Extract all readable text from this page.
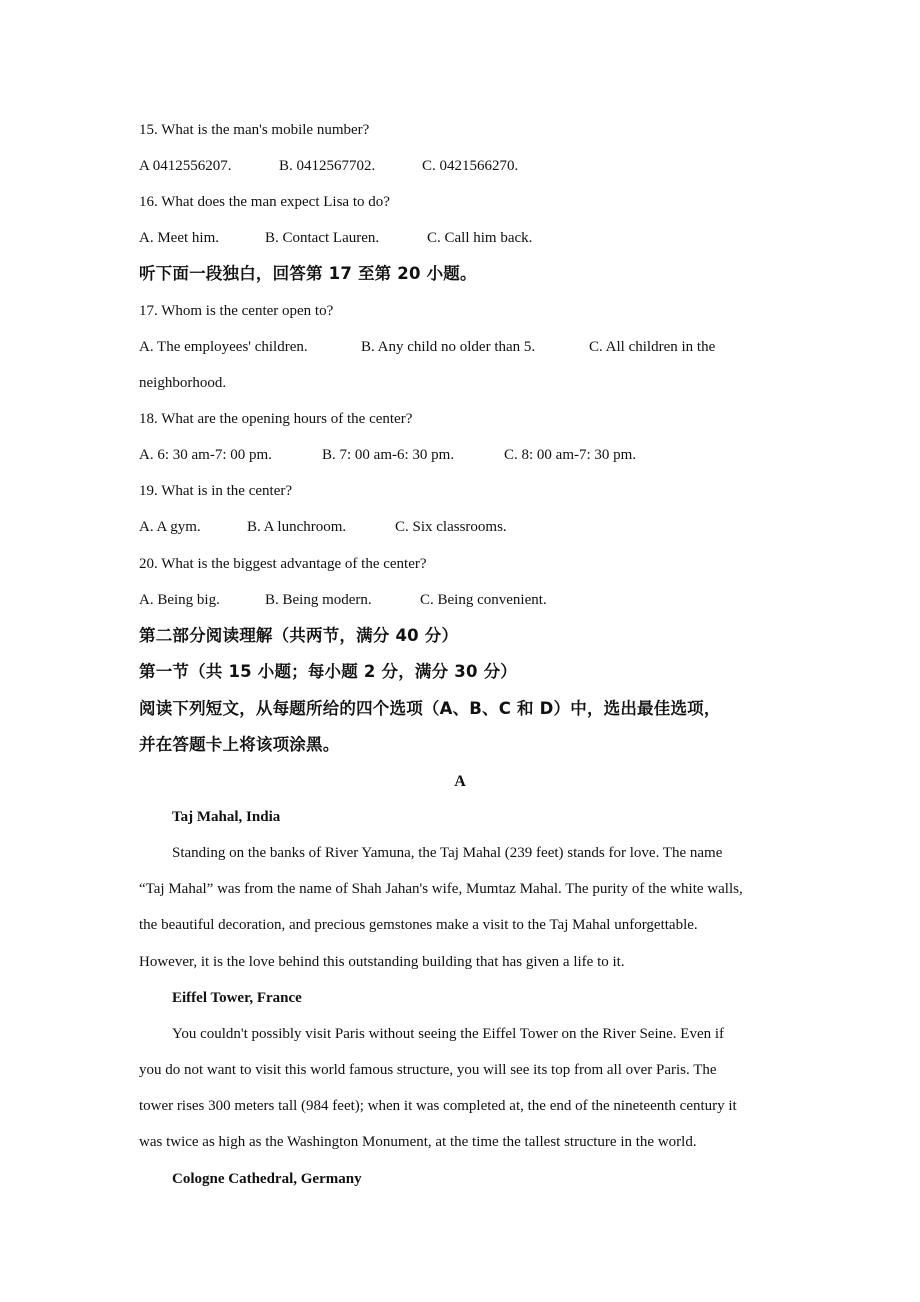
15. What is the man's mobile number?
A 0412556207.	B. 0412567702.	C. 0421566270.
16. What does the man expect Lisa to do?
A. Meet him.	B. Contact Lauren.	C. Call him back.
听下面一段独白，回答第 17 至第 20 小题。
17. Whom is the center open to?
A. The employees' children.	B. Any child no older than 5.	C. All children in the
neighborhood.
18. What are the opening hours of the center?
A. 6: 30 am-7: 00 pm.	B. 7: 00 am-6: 30 pm.	C. 8: 00 am-7: 30 pm.
19. What is in the center?
A. A gym.	B. A lunchroom.	C. Six classrooms.
20. What is the biggest advantage of the center?
A. Being big.	B. Being modern.	C. Being convenient.
第二部分阅读理解（共两节，满分 40 分）
第一节（共 15 小题；每小题 2 分，满分 30 分）
阅读下列短文，从每题所给的四个选项（A、B、C 和 D）中，选出最佳选项，
并在答题卡上将该项涂黑。
A
Taj Mahal, India
Standing on the banks of River Yamuna, the Taj Mahal (239 feet) stands for love. The name
“Taj Mahal” was from the name of Shah Jahan's wife, Mumtaz Mahal. The purity of the white walls,
the beautiful decoration, and precious gemstones make a visit to the Taj Mahal unforgettable.
However, it is the love behind this outstanding building that has given a life to it.
Eiffel Tower, France
You couldn't possibly visit Paris without seeing the Eiffel Tower on the River Seine. Even if
you do not want to visit this world famous structure, you will see its top from all over Paris. The
tower rises 300 meters tall (984 feet); when it was completed at, the end of the nineteenth century it
was twice as high as the Washington Monument, at the time the tallest structure in the world.
Cologne Cathedral, Germany
